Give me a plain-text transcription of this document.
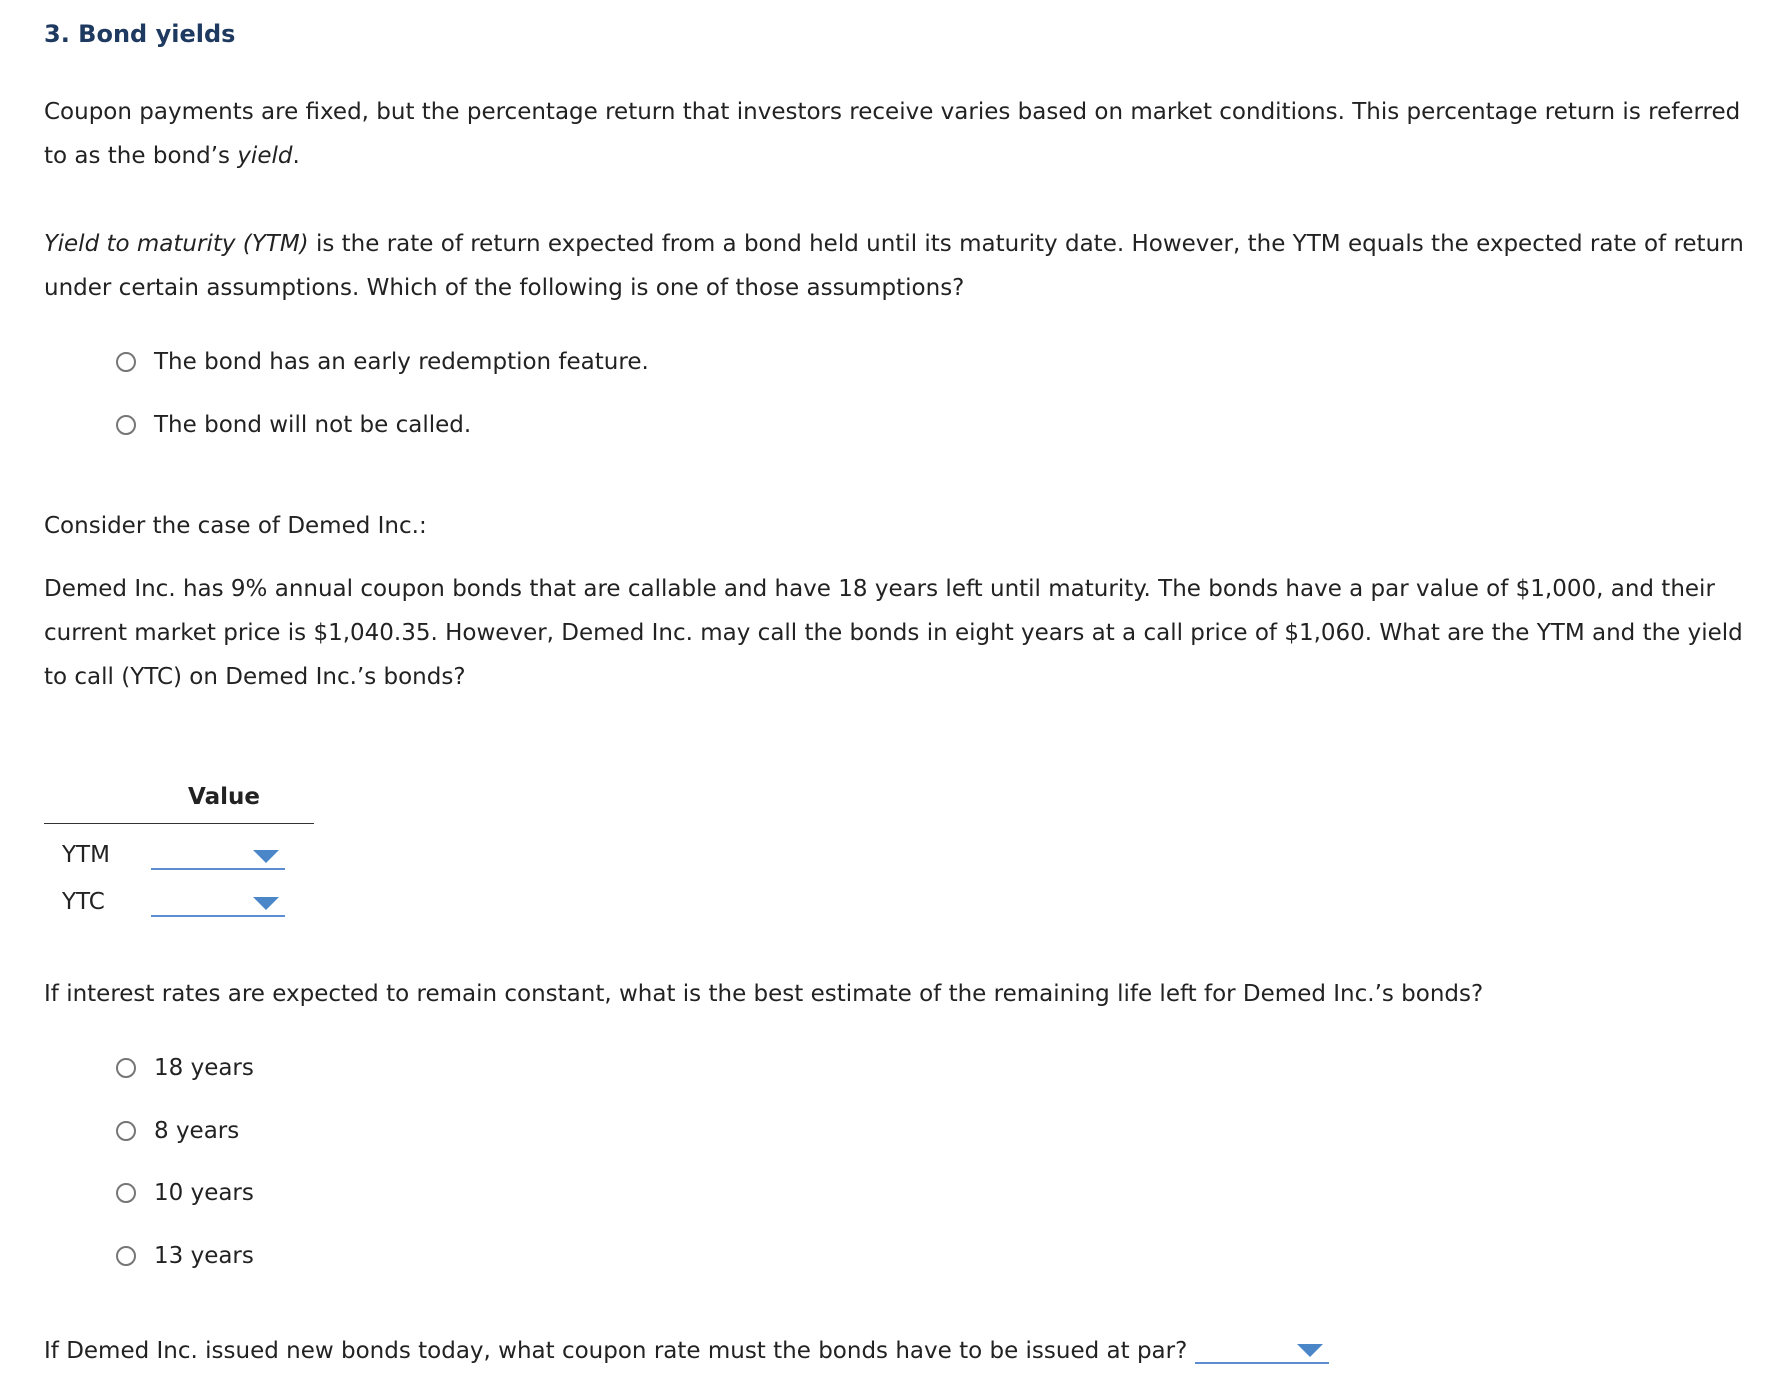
3. Bond yields
Coupon payments are fixed, but the percentage return that investors receive varies based on market conditions. This percentage return is referred to as the bond’s yield.
Yield to maturity (YTM) is the rate of return expected from a bond held until its maturity date. However, the YTM equals the expected rate of return under certain assumptions. Which of the following is one of those assumptions?
The bond has an early redemption feature.
The bond will not be called.
Consider the case of Demed Inc.:
Demed Inc. has 9% annual coupon bonds that are callable and have 18 years left until maturity. The bonds have a par value of $1,000, and their current market price is $1,040.35. However, Demed Inc. may call the bonds in eight years at a call price of $1,060. What are the YTM and the yield to call (YTC) on Demed Inc.’s bonds?
Value
YTM
YTC
If interest rates are expected to remain constant, what is the best estimate of the remaining life left for Demed Inc.’s bonds?
18 years
8 years
10 years
13 years
If Demed Inc. issued new bonds today, what coupon rate must the bonds have to be issued at par?
